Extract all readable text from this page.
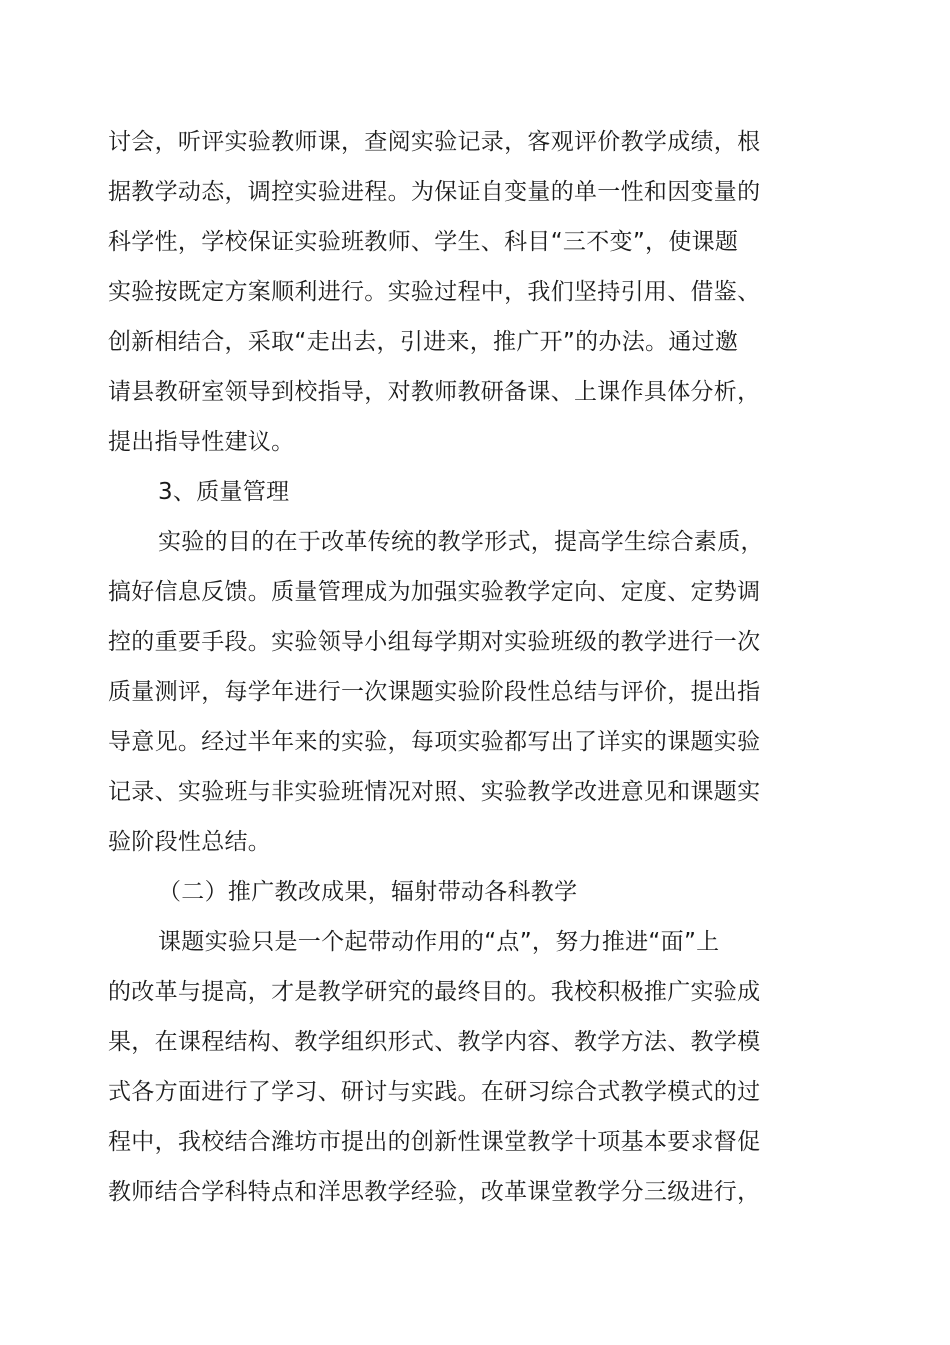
讨会，听评实验教师课，查阅实验记录，客观评价教学成绩，根
据教学动态，调控实验进程。为保证自变量的单一性和因变量的
科学性，学校保证实验班教师、学生、科目“三不变”，使课题
实验按既定方案顺利进行。实验过程中，我们坚持引用、借鉴、
创新相结合，采取“走出去，引进来，推广开”的办法。通过邀
请县教研室领导到校指导，对教师教研备课、上课作具体分析，
提出指导性建议。
3、质量管理
实验的目的在于改革传统的教学形式，提高学生综合素质，
搞好信息反馈。质量管理成为加强实验教学定向、定度、定势调
控的重要手段。实验领导小组每学期对实验班级的教学进行一次
质量测评，每学年进行一次课题实验阶段性总结与评价，提出指
导意见。经过半年来的实验，每项实验都写出了详实的课题实验
记录、实验班与非实验班情况对照、实验教学改进意见和课题实
验阶段性总结。
（二）推广教改成果，辐射带动各科教学
课题实验只是一个起带动作用的“点”，努力推进“面”上
的改革与提高，才是教学研究的最终目的。我校积极推广实验成
果，在课程结构、教学组织形式、教学内容、教学方法、教学模
式各方面进行了学习、研讨与实践。在研习综合式教学模式的过
程中，我校结合潍坊市提出的创新性课堂教学十项基本要求督促
教师结合学科特点和洋思教学经验，改革课堂教学分三级进行，
